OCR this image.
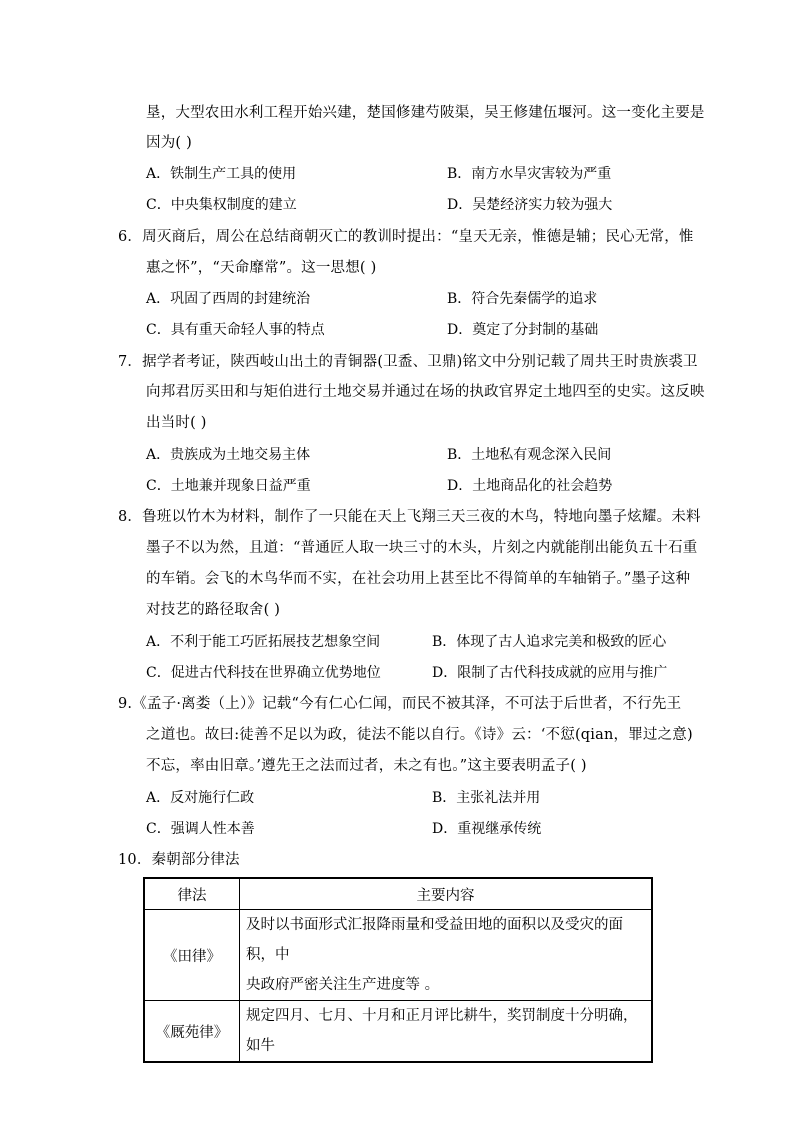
垦，大型农田水利工程开始兴建，楚国修建芍陂渠，吴王修建伍堰河。这一变化主要是
因为( )
A．铁制生产工具的使用	B．南方水旱灾害较为严重
C．中央集权制度的建立	D．吴楚经济实力较为强大
6．周灭商后，周公在总结商朝灭亡的教训时提出：“皇天无亲，惟德是辅；民心无常，惟
惠之怀”，“天命靡常”。这一思想( )
A．巩固了西周的封建统治	B．符合先秦儒学的追求
C．具有重天命轻人事的特点	D．奠定了分封制的基础
7．据学者考证，陕西岐山出土的青铜器(卫盉、卫鼎)铭文中分别记载了周共王时贵族裘卫
向邦君厉买田和与矩伯进行土地交易并通过在场的执政官界定土地四至的史实。这反映
出当时( )
A．贵族成为土地交易主体	B．土地私有观念深入民间
C．土地兼并现象日益严重	D．土地商品化的社会趋势
8．鲁班以竹木为材料，制作了一只能在天上飞翔三天三夜的木鸟，特地向墨子炫耀。未料
墨子不以为然，且道：“普通匠人取一块三寸的木头，片刻之内就能削出能负五十石重
的车销。会飞的木鸟华而不实，在社会功用上甚至比不得简单的车轴销子。”墨子这种
对技艺的路径取舍( )
A．不利于能工巧匠拓展技艺想象空间	B．体现了古人追求完美和极致的匠心
C．促进古代科技在世界确立优势地位	D．限制了古代科技成就的应用与推广
9.《孟子·离娄（上）》记载“今有仁心仁闻，而民不被其泽，不可法于后世者，不行先王
之道也。故曰:徒善不足以为政，徒法不能以自行。《诗》云：‘不愆(qian，罪过之意)
不忘，率由旧章。’遵先王之法而过者，未之有也。”这主要表明孟子( )
A．反对施行仁政	B．主张礼法并用
C．强调人性本善	D．重视继承传统
10．秦朝部分律法
律法	主要内容
《田律》	及时以书面形式汇报降雨量和受益田地的面积以及受灾的面积，中
央政府严密关注生产进度等 。

《厩苑律》	规定四月、七月、十月和正月评比耕牛，奖罚制度十分明确，如牛
